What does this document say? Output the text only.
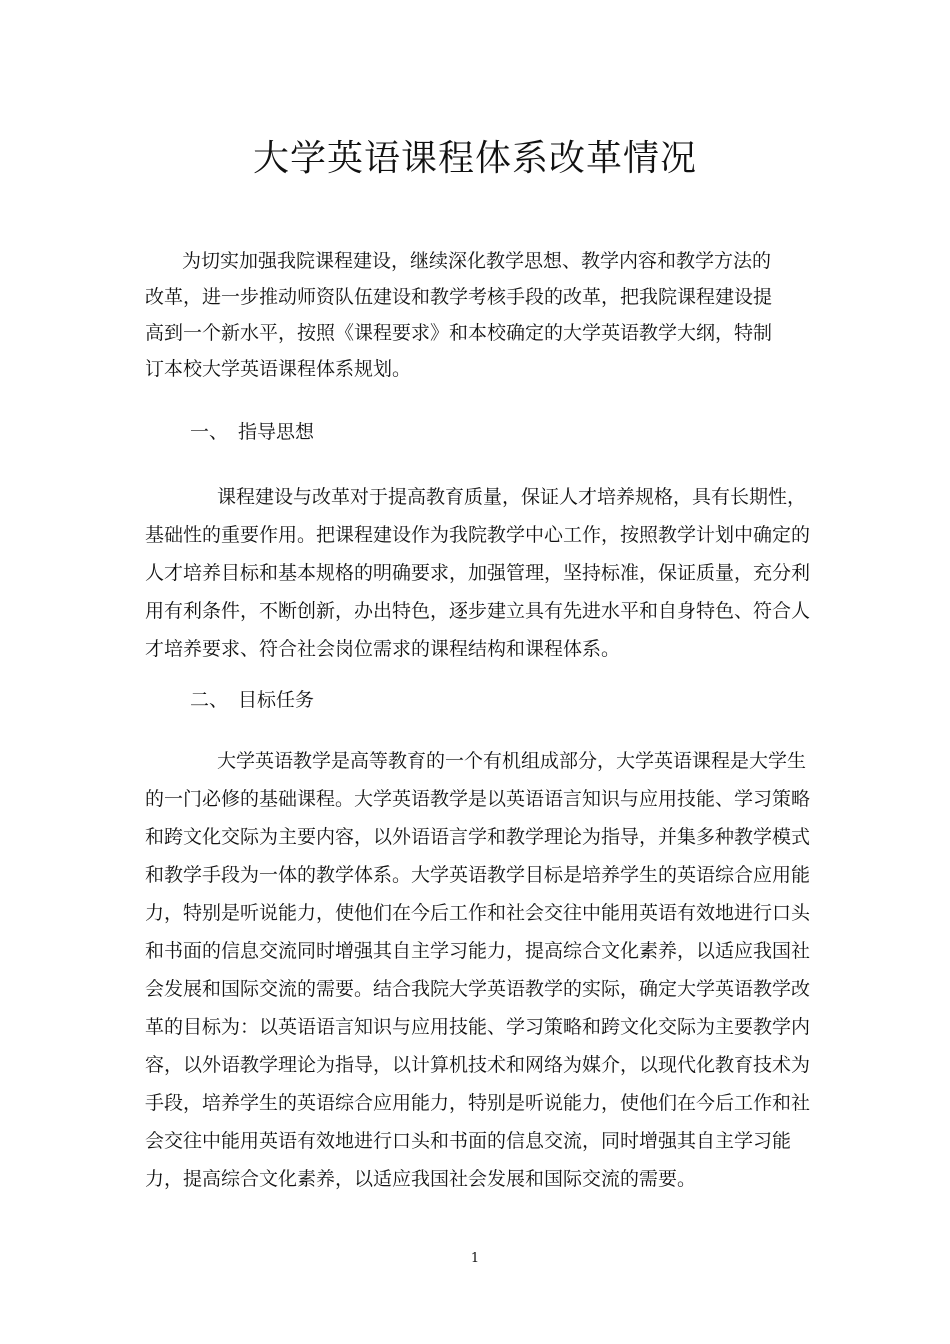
大学英语课程体系改革情况

为切实加强我院课程建设，继续深化教学思想、教学内容和教学方法的
改革，进一步推动师资队伍建设和教学考核手段的改革，把我院课程建设提
高到一个新水平，按照《课程要求》和本校确定的大学英语教学大纲，特制
订本校大学英语课程体系规划。

一、 指导思想

课程建设与改革对于提高教育质量，保证人才培养规格，具有长期性，
基础性的重要作用。把课程建设作为我院教学中心工作，按照教学计划中确定的
人才培养目标和基本规格的明确要求，加强管理，坚持标准，保证质量，充分利
用有利条件，不断创新，办出特色，逐步建立具有先进水平和自身特色、符合人
才培养要求、符合社会岗位需求的课程结构和课程体系。

二、 目标任务

大学英语教学是高等教育的一个有机组成部分，大学英语课程是大学生
的一门必修的基础课程。大学英语教学是以英语语言知识与应用技能、学习策略
和跨文化交际为主要内容，以外语语言学和教学理论为指导，并集多种教学模式
和教学手段为一体的教学体系。大学英语教学目标是培养学生的英语综合应用能
力，特别是听说能力，使他们在今后工作和社会交往中能用英语有效地进行口头
和书面的信息交流同时增强其自主学习能力，提高综合文化素养，以适应我国社
会发展和国际交流的需要。结合我院大学英语教学的实际，确定大学英语教学改
革的目标为：以英语语言知识与应用技能、学习策略和跨文化交际为主要教学内
容，以外语教学理论为指导，以计算机技术和网络为媒介，以现代化教育技术为
手段，培养学生的英语综合应用能力，特别是听说能力，使他们在今后工作和社
会交往中能用英语有效地进行口头和书面的信息交流，同时增强其自主学习能
力，提高综合文化素养，以适应我国社会发展和国际交流的需要。

1
